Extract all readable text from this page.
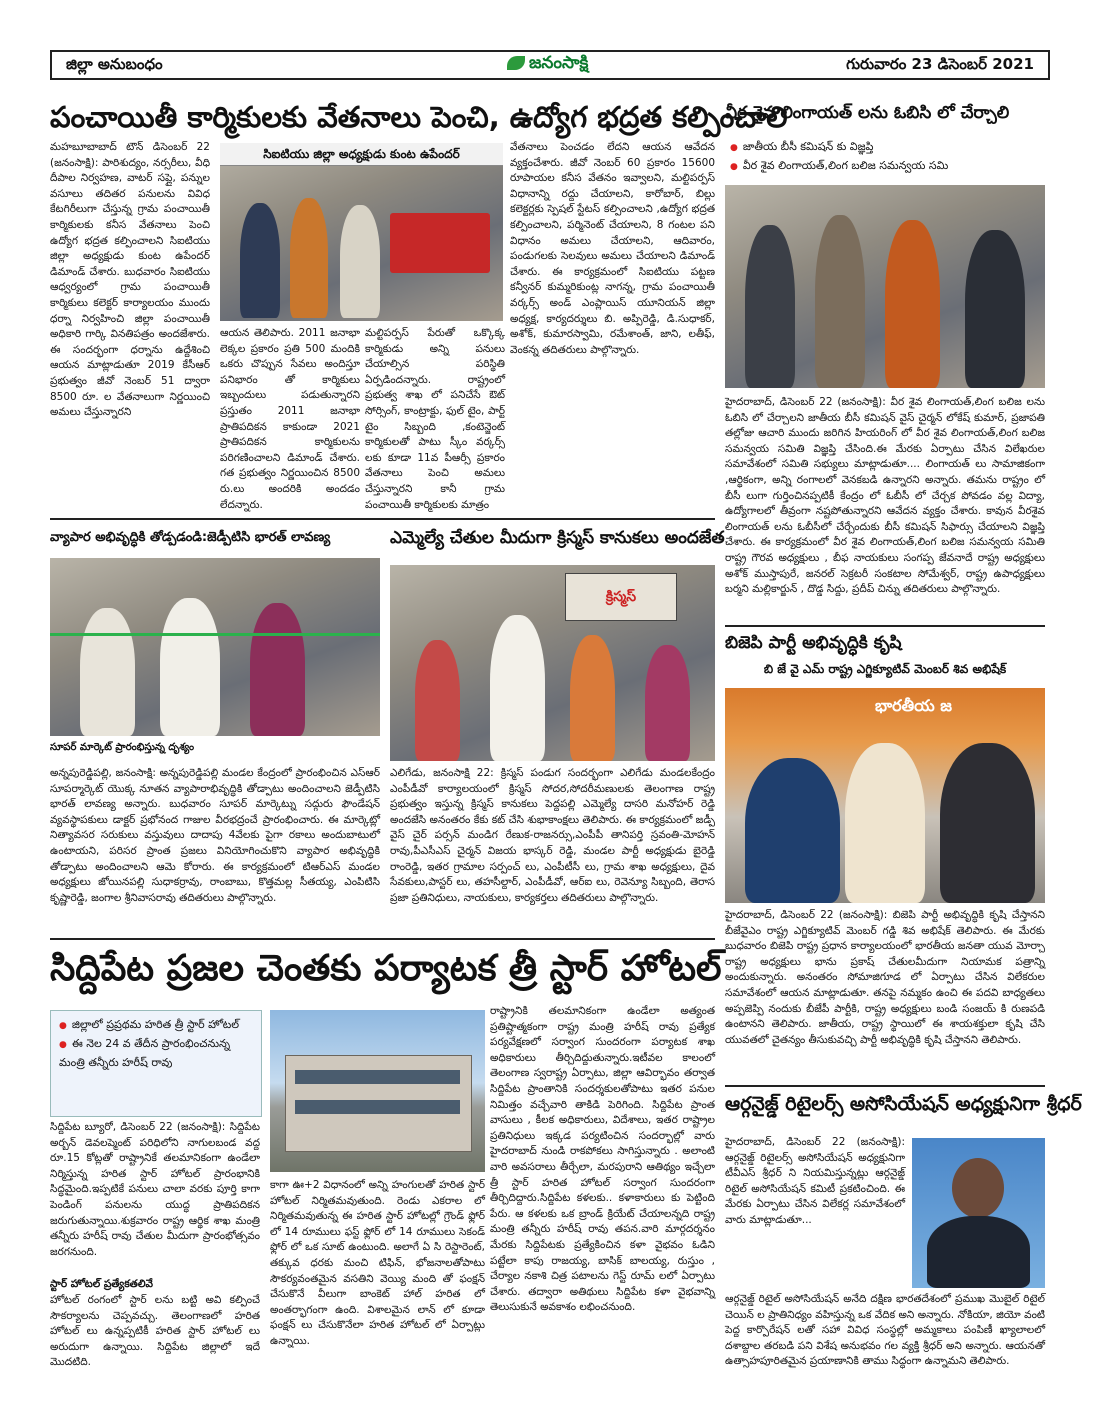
జిల్లా అనుబంధం	జనంసాక్షి	గురువారం 23 డిసెంబర్ 2021
పంచాయితీ కార్మికులకు వేతనాలు పెంచి, ఉద్యోగ భద్రత కల్పించాలి
మహబూబాబాద్ టౌన్ డిసెంబర్ 22 (జనంసాక్షి): పారిశుద్యం, నర్సరీలు, వీధి దీపాల నిర్వహణ, వాటర్ సప్లై, పన్నుల వసూలు తదితర పనులను వివిధ కేటగిరీలుగా చేస్తున్న గ్రామ పంచాయితీ కార్మికులకు కనీస వేతనాలు పెంచి ఉద్యోగ భద్రత కల్పించాలని సిఐటియు జిల్లా అధ్యక్షుడు కుంట ఉపేందర్ డిమాండ్ చేశారు. బుధవారం సిఐటియు ఆధ్వర్యంలో గ్రామ పంచాయితీ కార్మికులు కలెక్టర్ కార్యాలయం ముందు ధర్నా నిర్వహించి జిల్లా పంచాయితీ అధికారి గార్కి వినతిపత్రం అందజేశారు. ఈ సందర్భంగా ధర్నాను ఉద్దేశించి ఆయన మాట్లాడుతూ 2019 కేసీఆర్ ప్రభుత్వం జీవో నెంబర్ 51 ద్వారా 8500 రూ. ల వేతనాలుగా నిర్ణయించి అమలు చేస్తున్నారని
సిఐటియు జిల్లా అధ్యక్షుడు కుంట ఉపేందర్
ఆయన తెలిపారు. 2011 జనాభా లెక్కల ప్రకారం ప్రతి 500 మందికి ఒకరు చొప్పున సేవలు అందిస్తూ పనిభారం తో కార్మికులు ఇబ్బందులు పడుతున్నారని ప్రస్తుతం 2011 జనాభా ప్రాతిపదికన కాకుండా 2021 ప్రాతిపదికన కార్మికులను పరిగణించాలని డిమాండ్ చేశారు. గత ప్రభుత్వం నిర్ణయించిన 8500 రు.లు అందరికి అందడం లేదన్నారు.
మల్టిపర్పస్ పేరుతో ఒక్కొక్క కార్మికుడు అన్ని పనులు చేయాల్సిన పరిస్థితి ఏర్పడిందన్నారు. రాష్ట్రంలో ప్రభుత్వ శాఖ లో పనిచేసే ఔట్ సోర్సింగ్, కాంట్రాక్టు, ఫుల్ టైం, పార్ట్ టైం సిబ్బంది ,కంటెన్జెంట్ కార్మికులతో పాటు స్కీం వర్కర్స్ లకు కూడా 11వ పీఆర్సీ ప్రకారం వేతనాలు పెంచి అమలు చేస్తున్నారని కానీ గ్రామ పంచాయితీ కార్మికులకు మాత్రం
వేతనాలు పెంచడం లేదని ఆయన ఆవేదన వ్యక్తంచేశారు. జీవో నెంబర్ 60 ప్రకారం 15600 రూపాయల కనీస వేతనం ఇవ్వాలని, మల్టిపర్పస్ విధానాన్ని రద్దు చేయాలని, కారోబార్, బిల్లు కలెక్టర్లకు స్పెషల్ స్టేటస్ కల్పించాలని ,ఉద్యోగ భద్రత కల్పించాలని, పర్మినెంట్ చేయాలని, 8 గంటల పని విధానం అమలు చేయాలని, ఆదివారం, పండుగలకు సెలవులు అమలు చేయాలని డిమాండ్ చేశారు. ఈ కార్యక్రమంలో సిఐటియు పట్టణ కన్వీనర్ కుమ్మరికుంట్ల నాగన్న, గ్రామ పంచాయితీ వర్కర్స్ అండ్ ఎంప్లాయిస్ యూనియన్ జిల్లా అధ్యక్ష, కార్యదర్శులు బి. అప్పిరెడ్డి, డి.సుధాకర్, అశోక్, కుమారస్వామి, రమేశాంత్, జాని, లతీఫ్, వెంకన్న తదితరులు పాల్గొన్నారు.
వీర శైవ లింగాయత్ లను ఓబిసి లో చేర్చాలి
● జాతీయ బీసీ కమిషన్ కు విజ్ఞప్తి
● వీర శైవ లింగాయత్,లింగ బలిజ సమన్వయ సమి
హైదరాబాద్, డిసెంబర్ 22 (జనంసాక్షి): వీర శైవ లింగాయత్,లింగ బలిజ లను ఓబిసి లో చేర్చాలని జాతీయ బీసీ కమిషన్ వైస్ చైర్మన్ లోకేష్ కుమార్, ప్రజాపతి తల్లోజు ఆచారి ముందు జరిగిన హియరింగ్ లో వీర శైవ లింగాయత్,లింగ బలిజ సమన్వయ సమితి విజ్ఞప్తి చేసింది.ఈ మేరకు ఏర్పాటు చేసిన విలేఖరుల సమావేశంలో సమితి సభ్యులు మాట్లాడుతూ.... లింగాయత్ లు సామాజికంగా ,ఆర్థికంగా, అన్ని రంగాలలో వెనకబడి ఉన్నారని అన్నారు. తమను రాష్ట్రం లో బీసీ లుగా గుర్తించినప్పటికీ కేంద్రం లో ఓబీసీ లో చేర్చక పోవడం వల్ల విద్యా, ఉద్యోగాలలో తీవ్రంగా నష్టపోతున్నారని ఆవేదన వ్యక్తం చేశారు. కావున వీరశైవ లింగాయత్ లను ఓబీసీలో చేర్చేందుకు బీసీ కమిషన్ సిఫార్సు చేయాలని విజ్ఞప్తి చేశారు. ఈ కార్యక్రమంలో వీర శైవ లింగాయత్,లింగ బలిజ సమన్వయ సమితి రాష్ట్ర గౌరవ అధ్యక్షులు , బీఫ నాయకులు సంగప్ప జేవనాదే రాష్ట్ర అధ్యక్షులు అశోక్ ముస్తాపురే, జనరల్ సెక్రటరీ సంకటాల సోమేశ్వర్, రాష్ట్ర ఉపాధ్యక్షులు బర్మని మల్లికార్జున్ , దొడ్డ సిద్దు, ప్రదీప్ చిన్ను తదితరులు పాల్గొన్నారు.
వ్యాపార అభివృద్ధికి తోడ్పడండి:జెడ్పీటిసి భారత్ లావణ్య
సూపర్ మార్కెట్ ప్రారంభిస్తున్న దృశ్యం
అన్నపురెడ్డిపల్లి, జనంసాక్షి: అన్నపురెడ్డిపల్లి మండల కేంద్రంలో ప్రారంభించిన ఎస్ఆర్ సూపర్మార్కెట్ యొక్క నూతన వ్యాపారాభివృద్ధికి తోడ్పాటు అందించాలని జెడ్పీటిసి భారత్ లావణ్య అన్నారు. బుధవారం సూపర్ మార్కెట్ను సద్గురు ఫౌండేషన్ వ్యవస్థాపకులు డాక్టర్ ప్రభోనంద గాజుల వీరభద్రంచే ప్రారంభించారు. ఈ మార్కెట్లో నిత్యావసర సరుకులు వస్తువులు దాదాపు 4వేలకు పైగా రకాలు అందుబాటులో ఉంటాయని, పరిసర ప్రాంత ప్రజలు వినియోగించుకొని వ్యాపార అభివృద్ధికి తోడ్పాటు అందించాలని ఆమె కోరారు. ఈ కార్యక్రమంలో టిఆర్ఎస్ మండల అధ్యక్షులు జోయినపల్లి సుధాకర్రావు, రాంబాబు, కొత్తమల్ల సీతయ్య, ఎంపిటిసి కృష్ణారెడ్డి, జంగాల శ్రీనివాసరావు తదితరులు పాల్గొన్నారు.
ఎమ్మెల్యే చేతుల మీదుగా క్రిస్మస్ కానుకలు అందజేత
క్రిస్మస్
ఎలిగేడు, జనంసాక్షి 22: క్రిస్మస్ పండుగ సందర్భంగా ఎలిగేడు మండలకేంద్రం ఎంపీడీవో కార్యాలయంలో క్రిస్మస్ సోదర,సోదరీమణులకు తెలంగాణ రాష్ట్ర ప్రభుత్వం ఇస్తున్న క్రిస్మస్ కానుకలు పెద్దపల్లి ఎమ్మెల్యే దాసరి మనోహర్ రెడ్డి అందజేసి అనంతరం కేకు కట్ చేసి శుభాకాంక్షలు తెలిపారు. ఈ కార్యక్రమంలో జడ్పీ వైస్ చైర్ పర్సన్ మండిగ రేణుక-రాజనర్సు,ఎంపీపీ తానిపర్తి స్రవంతి-మోహన్ రావు,పీఎసీఎస్ చైర్మన్ విజయ భాస్కర్ రెడ్డి, మండల పార్టీ అధ్యక్షుడు బైరెడ్డి రాంరెడ్డి, ఇతర గ్రామాల సర్పంచ్ లు, ఎంపీటీసీ లు, గ్రామ శాఖ అధ్యక్షులు, దైవ సేవకులు,పాస్టర్ లు, తహసీల్దార్, ఎంపీడీవో, ఆర్ఐ లు, రెవెన్యూ సిబ్బంది, తెరాస ప్రజా ప్రతినిధులు, నాయకులు, కార్యకర్తలు తదితరులు పాల్గొన్నారు.
బిజెపి పార్టీ అభివృద్ధికి కృషి
బి జే వై ఎమ్ రాష్ట్ర ఎగ్జిక్యూటివ్ మెంబర్ శివ అభిషేక్
భారతీయ జ
హైదరాబాద్, డిసెంబర్ 22 (జనంసాక్షి): బిజెపి పార్టీ అభివృద్ధికి కృషి చేస్తానని బీజేవైఎం రాష్ట్ర ఎగ్జిక్యూటివ్ మెంబర్ గడ్డి శివ అభిషేక్ తెలిపారు. ఈ మేరకు బుధవారం బిజెపి రాష్ట్ర ప్రధాన కార్యాలయంలో భారతీయ జనతా యువ మోర్చా రాష్ట్ర అధ్యక్షులు భాను ప్రకాష్ చేతులమీదుగా నియామక పత్రాన్ని అందుకున్నారు. అనంతరం సోమాజిగూడ లో ఏర్పాటు చేసిన విలేకరుల సమావేశంలో ఆయన మాట్లాడుతూ. తనపై నమ్మకం ఉంచి ఈ పదవి బాధ్యతలు అప్పజెప్పి నందుకు బీజేపీ పార్టీకి, రాష్ట్ర అధ్యక్షులు బండి సంజయ్ కి రుణపడి ఉంటానని తెలిపారు. జాతీయ, రాష్ట్ర స్థాయిలో ఈ శాయశక్తులా కృషి చేసి యువతలో చైతన్యం తీసుకువచ్చి పార్టీ అభివృద్ధికి కృషి చేస్తానని తెలిపారు.
సిద్దిపేట ప్రజల చెంతకు పర్యాటక త్రీ స్టార్ హోటల్
● జిల్లాలో ప్రప్రథమ హరిత త్రీ స్టార్ హోటల్
● ఈ నెల 24 వ తేదీన ప్రారంభించనున్న మంత్రి తన్నీరు హరీష్ రావు
సిద్దిపేట బ్యూరో, డిసెంబర్ 22 (జనంసాక్షి): సిద్దిపేట అర్బన్ డెవలప్మెంట్ పరిధిలోని నాగులబండ వద్ద రూ.15 కోట్లతో రాష్ట్రానికే తలమానికంగా ఉండేలా నిర్మిస్తున్న హరిత స్టార్ హోటల్ ప్రారంభానికి సిద్ధమైంది.ఇప్పటికే పనులు చాలా వరకు పూర్తి కాగా పెండింగ్ పనులను యుద్ధ ప్రాతిపదికన జరుగుతున్నాయి.శుక్రవారం రాష్ట్ర ఆర్థిక శాఖ మంత్రి తన్నీరు హరీష్ రావు చేతుల మీదుగా ప్రారంభోత్సవం జరగనుంది.
స్టార్ హోటల్ ప్రత్యేకతలివే
హోటల్ రంగంలో స్టార్ లను బట్టి అవి కల్పించే సౌకర్యాలను చెప్పవచ్చు. తెలంగాణలో హరిత హోటల్ లు ఉన్నప్పటికీ హరిత స్టార్ హోటల్ లు అరుదుగా ఉన్నాయి. సిద్దిపేట జిల్లాలో ఇదే మొదటిది.
కాగా ఊ+2 విధానంలో అన్ని హంగులతో హరిత స్టార్ హోటల్ నిర్మితమవుతుంది. రెండు ఎకరాల లో నిర్మితమవుతున్న ఈ హరిత స్టార్ హోటల్లో గ్రౌండ్ ఫ్లోర్ లో 14 రూములు ఫస్ట్ ఫ్లోర్ లో 14 రూములు సెకండ్ ఫ్లోర్ లో ఒక సూట్ ఉంటుంది. అలాగే ఏ సి రెస్టారెంట్, తక్కువ ధరకు మంచి టిఫిన్, భోజనాలతోపాటు సౌకర్యవంతమైన వసతిని వెయ్యి మంది తో ఫంక్షన్ చేసుకొనే వీలుగా బాంకెట్ హాల్ హరిత లో అంతర్భాగంగా ఉంది. విశాలమైన లాన్ లో కూడా ఫంక్షన్ లు చేసుకొనేలా హరిత హోటల్ లో ఏర్పాట్లు ఉన్నాయి.
రాష్ట్రానికి తలమానికంగా ఉండేలా అత్యంత ప్రతిష్టాత్మకంగా రాష్ట్ర మంత్రి హరీష్ రావు ప్రత్యేక పర్యవేక్షణలో సర్వాంగ సుందరంగా పర్యాటక శాఖ అధికారులు తీర్చిదిద్దుతున్నారు.ఇటీవల కాలంలో తెలంగాణ స్వరాష్ట్ర ఏర్పాటు, జిల్లా ఆవిర్భావం తర్వాత సిద్దిపేట ప్రాంతానికి సందర్శకులతోపాటు ఇతర పనుల నిమిత్తం వచ్చేవారి తాకిడి పెరిగింది. సిద్దిపేట ప్రాంత వాసులు , కీలక అధికారులు, విదేశాలు, ఇతర రాష్ట్రాల ప్రతినిధులు ఇక్కడ పర్యటించిన సందర్భాల్లో వారు హైదరాబాద్ నుండి రాకపోకలు సాగిస్తున్నారు . అలాంటి వారి అవసరాలు తీర్చేలా, మరపురాని ఆతిథ్యం ఇచ్చేలా త్రీ స్టార్ హరిత హోటల్ సర్వాంగ సుందరంగా తీర్చిదిద్దారు.సిద్దిపేట కళలకు.. కళాకారులు కు పెట్టింది పేరు. ఆ కళలకు ఒక బ్రాండ్ క్రియేట్ చేయాలన్నది రాష్ట్ర మంత్రి తన్నీరు హరీష్ రావు తపన.వారి మార్గదర్శనం మేరకు సిద్దిపేటకు ప్రత్యేకించిన కళా వైభవం ఓడిని పట్టేలా కాపు రాజయ్య, బాసిక్ బాలయ్య, రుస్తుం , చేర్యాల నకాశి చిత్ర పటాలను గెస్ట్ రూమ్ లలో ఏర్పాటు చేశారు. తద్వారా అతిథులు సిద్దిపేట కళా వైభవాన్ని తెలుసుకునే అవకాశం లభించనుంది.
ఆర్గనైజ్డ్ రిటైలర్స్ అసోసియేషన్ అధ్యక్షునిగా శ్రీధర్
హైదరాబాద్, డిసెంబర్ 22 (జనంసాక్షి): ఆర్గనైజ్డ్ రిటైలర్స్ అసోసియేషన్ అధ్యక్షునిగా టీవీఎస్ శ్రీధర్ ని నియమిస్తున్నట్లు ఆర్గనైజ్డ్ రిటైల్ అసోసియేషన్ కమిటీ ప్రకటించింది. ఈ మేరకు ఏర్పాటు చేసిన విలేకర్ల సమావేశంలో వారు మాట్లాడుతూ...
ఆర్గనైజ్డ్ రిటైల్ అసోసియేషన్ అనేది దక్షిణ భారతదేశంలో ప్రముఖ మొబైల్ రిటైల్ చెయిన్ ల ప్రాతినిధ్యం వహిస్తున్న ఒక వేదిక అని అన్నారు. నోకియా, జియో వంటి పెద్ద కార్పొరేషన్ లతో సహా వివిధ సంస్థల్లో అమ్మకాలు పంపిణీ ఖ్యాలాలలో దశాబ్దాల తరబడి పని విశేష అనుభవం గల వ్యక్తి శ్రీధర్ అని అన్నారు. ఆయనతో ఉత్సాహపూరితమైన ప్రయాణానికి తాము సిద్ధంగా ఉన్నామని తెలిపారు.
